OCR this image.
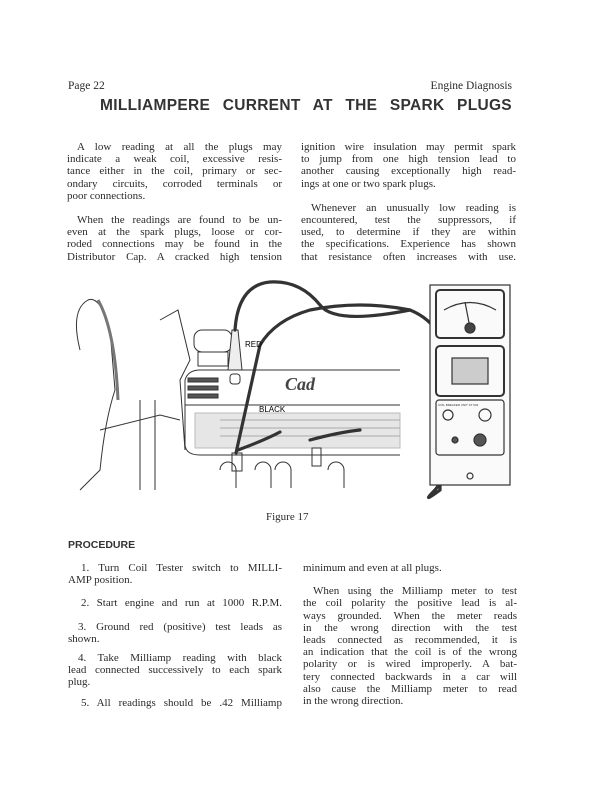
Page 22	Engine Diagnosis
MILLIAMPERE CURRENT AT THE SPARK PLUGS
A low reading at all the plugs may
indicate a weak coil, excessive resis-
tance either in the coil, primary or sec-
ondary circuits, corroded terminals or
poor connections.
When the readings are found to be un-
even at the spark plugs, loose or cor-
roded connections may be found in the
Distributor Cap. A cracked high tension
ignition wire insulation may permit spark
to jump from one high tension lead to
another causing exceptionally high read-
ings at one or two spark plugs.
Whenever an unusually low reading is
encountered, test the suppressors, if
used, to determine if they are within
the specifications. Experience has shown
that resistance often increases with use.
RED
BLACK
Cad
COIL BREAKER UNIT ST 504
Figure 17
PROCEDURE
1. Turn Coil Tester switch to MILLI-
AMP position.
2. Start engine and run at 1000 R.P.M.
3. Ground red (positive) test leads as
shown.
4. Take Milliamp reading with black
lead connected successively to each spark
plug.
5. All readings should be .42 Milliamp
minimum and even at all plugs.
When using the Milliamp meter to test
the coil polarity the positive lead is al-
ways grounded. When the meter reads
in the wrong direction with the test
leads connected as recommended, it is
an indication that the coil is of the wrong
polarity or is wired improperly. A bat-
tery connected backwards in a car will
also cause the Milliamp meter to read
in the wrong direction.
